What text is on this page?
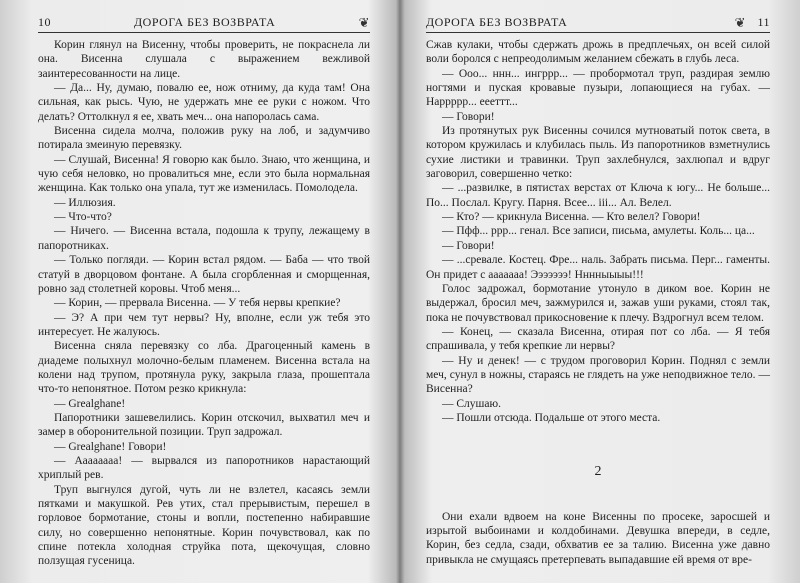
10	ДОРОГА БЕЗ ВОЗВРАТА	❦

Корин глянул на Висенну, чтобы проверить, не покраснела ли она. Висенна слушала с выражением вежливой заинтересованности на лице.

— Да... Ну, думаю, повалю ее, нож отниму, да куда там! Она сильная, как рысь. Чую, не удержать мне ее руки с ножом. Что делать? Оттолкнул я ее, хвать меч... она напоролась сама.

Висенна сидела молча, положив руку на лоб, и задумчиво потирала змеиную перевязку.

— Слушай, Висенна! Я говорю как было. Знаю, что женщина, и чую себя неловко, но провалиться мне, если это была нормальная женщина. Как только она упала, тут же изменилась. Помолодела.

— Иллюзия.

— Что-что?

— Ничего. — Висенна встала, подошла к трупу, лежащему в папоротниках.

— Только погляди. — Корин встал рядом. — Баба — что твой статуй в дворцовом фонтане. А была сгорбленная и сморщенная, ровно зад столетней коровы. Чтоб меня...

— Корин, — прервала Висенна. — У тебя нервы крепкие?

— Э? А при чем тут нервы? Ну, вполне, если уж тебя это интересует. Не жалуюсь.

Висенна сняла перевязку со лба. Драгоценный камень в диадеме полыхнул молочно-белым пламенем. Висенна встала на колени над трупом, протянула руку, закрыла глаза, прошептала что-то непонятное. Потом резко крикнула:

— Grealghane!

Папоротники зашевелились. Корин отскочил, выхватил меч и замер в оборонительной позиции. Труп задрожал.

— Grealghane! Говори!

— Аааааааа! — вырвался из папоротников нарастающий хриплый рев.

Труп выгнулся дугой, чуть ли не взлетел, касаясь земли пятками и макушкой. Рев утих, стал прерывистым, перешел в горловое бормотание, стоны и вопли, постепенно набиравшие силу, но совершенно непонятные. Корин почувствовал, как по спине потекла холодная струйка пота, щекочущая, словно ползущая гусеница.

ДОРОГА БЕЗ ВОЗВРАТА	❦ 11

Сжав кулаки, чтобы сдержать дрожь в предплечьях, он всей силой воли боролся с непреодолимым желанием сбежать в глубь леса.

— Ооо... ннн... ингррр... — пробормотал труп, раздирая землю ногтями и пуская кровавые пузыри, лопающиеся на губах. — Наррррр... еееттт...

— Говори!

Из протянутых рук Висенны сочился мутноватый поток света, в котором кружилась и клубилась пыль. Из папоротников взметнулись сухие листики и травинки. Труп захлебнулся, захлюпал и вдруг заговорил, совершенно четко:

— ...развилке, в пятистах верстах от Ключа к югу... Не больше... По... Послал. Кругу. Парня. Всее... ііі... Ал. Велел.

— Кто? — крикнула Висенна. — Кто велел? Говори!

— Пфф... ррр... генал. Все записи, письма, амулеты. Коль... ца...

— Говори!

— ...сревале. Костец. Фре... наль. Забрать письма. Перг... гаменты. Он придет с ааааааа! Эээээээ! Нннныыыы!!!

Голос задрожал, бормотание утонуло в диком вое. Корин не выдержал, бросил меч, зажмурился и, зажав уши руками, стоял так, пока не почувствовал прикосновение к плечу. Вздрогнул всем телом.

— Конец, — сказала Висенна, отирая пот со лба. — Я тебя спрашивала, у тебя крепкие ли нервы?

— Ну и денек! — с трудом проговорил Корин. Поднял с земли меч, сунул в ножны, стараясь не глядеть на уже неподвижное тело. — Висенна?

— Слушаю.

— Пошли отсюда. Подальше от этого места.

2

Они ехали вдвоем на коне Висенны по просеке, заросшей и изрытой выбоинами и колдобинами. Девушка впереди, в седле, Корин, без седла, сзади, обхватив ее за талию. Висенна уже давно привыкла не смущаясь претерпевать выпадавшие ей время от вре-
